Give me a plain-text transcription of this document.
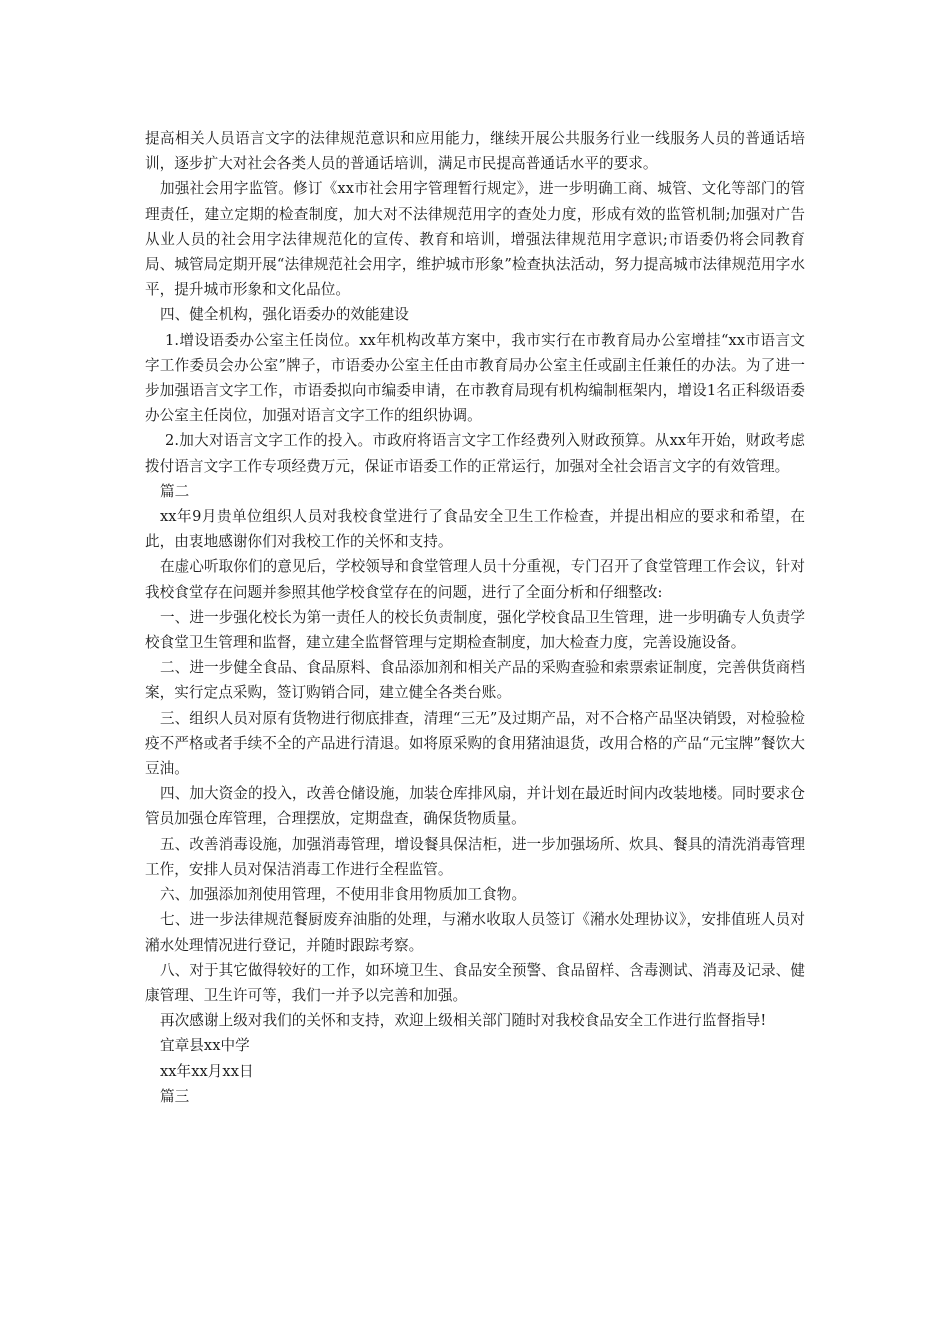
提高相关人员语言文字的法律规范意识和应用能力，继续开展公共服务行业一线服务人员的普通话培训，逐步扩大对社会各类人员的普通话培训，满足市民提高普通话水平的要求。

加强社会用字监管。修订《xx市社会用字管理暂行规定》，进一步明确工商、城管、文化等部门的管理责任，建立定期的检查制度，加大对不法律规范用字的查处力度，形成有效的监管机制;加强对广告从业人员的社会用字法律规范化的宣传、教育和培训，增强法律规范用字意识;市语委仍将会同教育局、城管局定期开展“法律规范社会用字，维护城市形象”检查执法活动，努力提高城市法律规范用字水平，提升城市形象和文化品位。

四、健全机构，强化语委办的效能建设

1.增设语委办公室主任岗位。xx年机构改革方案中，我市实行在市教育局办公室增挂“xx市语言文字工作委员会办公室”牌子，市语委办公室主任由市教育局办公室主任或副主任兼任的办法。为了进一步加强语言文字工作，市语委拟向市编委申请，在市教育局现有机构编制框架内，增设1名正科级语委办公室主任岗位，加强对语言文字工作的组织协调。

2.加大对语言文字工作的投入。市政府将语言文字工作经费列入财政预算。从xx年开始，财政考虑拨付语言文字工作专项经费万元，保证市语委工作的正常运行，加强对全社会语言文字的有效管理。

篇二

xx年9月贵单位组织人员对我校食堂进行了食品安全卫生工作检查，并提出相应的要求和希望，在此，由衷地感谢你们对我校工作的关怀和支持。

在虚心听取你们的意见后，学校领导和食堂管理人员十分重视，专门召开了食堂管理工作会议，针对我校食堂存在问题并参照其他学校食堂存在的问题，进行了全面分析和仔细整改:

一、进一步强化校长为第一责任人的校长负责制度，强化学校食品卫生管理，进一步明确专人负责学校食堂卫生管理和监督，建立建全监督管理与定期检查制度，加大检查力度，完善设施设备。

二、进一步健全食品、食品原料、食品添加剂和相关产品的采购查验和索票索证制度，完善供货商档案，实行定点采购，签订购销合同，建立健全各类台账。

三、组织人员对原有货物进行彻底排查，清理“三无”及过期产品，对不合格产品坚决销毁，对检验检疫不严格或者手续不全的产品进行清退。如将原采购的食用猪油退货，改用合格的产品“元宝牌”餐饮大豆油。

四、加大资金的投入，改善仓储设施，加装仓库排风扇，并计划在最近时间内改装地楼。同时要求仓管员加强仓库管理，合理摆放，定期盘查，确保货物质量。

五、改善消毒设施，加强消毒管理，增设餐具保洁柜，进一步加强场所、炊具、餐具的清洗消毒管理工作，安排人员对保洁消毒工作进行全程监管。

六、加强添加剂使用管理，不使用非食用物质加工食物。

七、进一步法律规范餐厨废弃油脂的处理，与潲水收取人员签订《潲水处理协议》，安排值班人员对潲水处理情况进行登记，并随时跟踪考察。

八、对于其它做得较好的工作，如环境卫生、食品安全预警、食品留样、含毒测试、消毒及记录、健康管理、卫生许可等，我们一并予以完善和加强。

再次感谢上级对我们的关怀和支持，欢迎上级相关部门随时对我校食品安全工作进行监督指导!

宜章县xx中学

xx年xx月xx日

篇三
